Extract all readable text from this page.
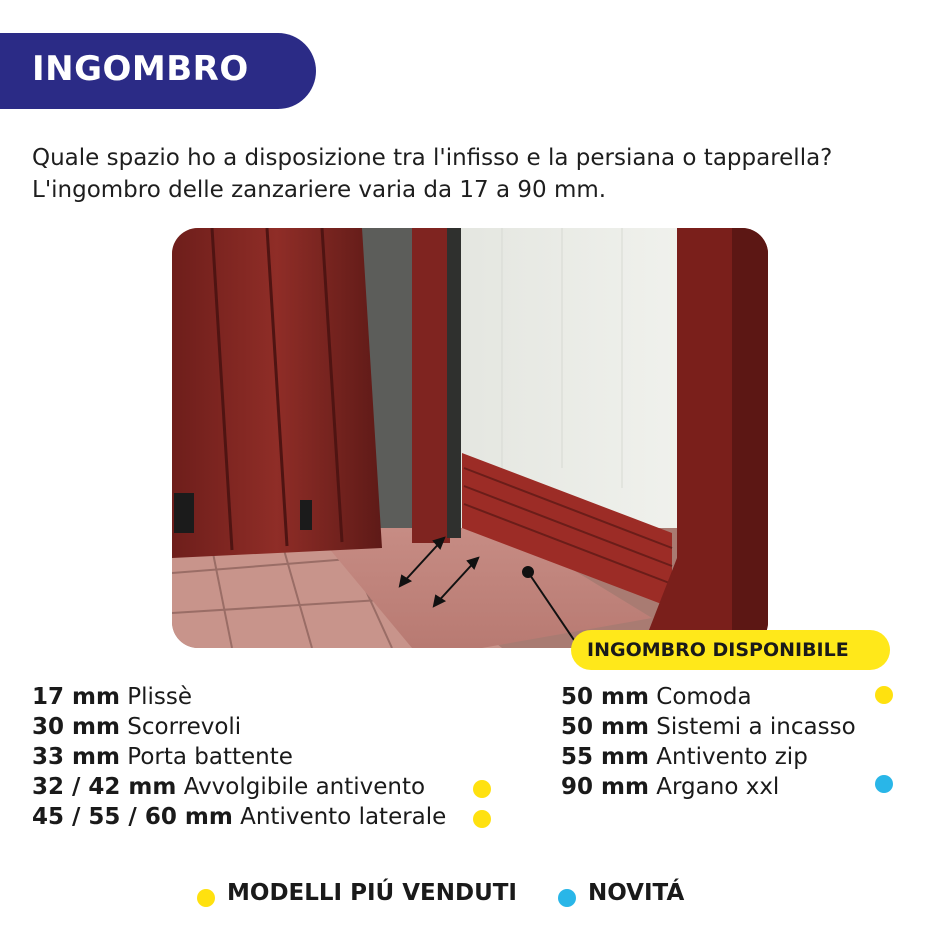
INGOMBRO
Quale spazio ho a disposizione tra l'infisso e la persiana o tapparella?
L'ingombro delle zanzariere varia da 17 a 90 mm.
INGOMBRO DISPONIBILE
17 mm Plissè
30 mm Scorrevoli
33 mm Porta battente
32 / 42 mm Avvolgibile antivento
45 / 55 / 60 mm Antivento laterale
50 mm Comoda
50 mm Sistemi a incasso
55 mm Antivento zip
90 mm Argano xxl
MODELLI PIÚ VENDUTI	NOVITÁ
